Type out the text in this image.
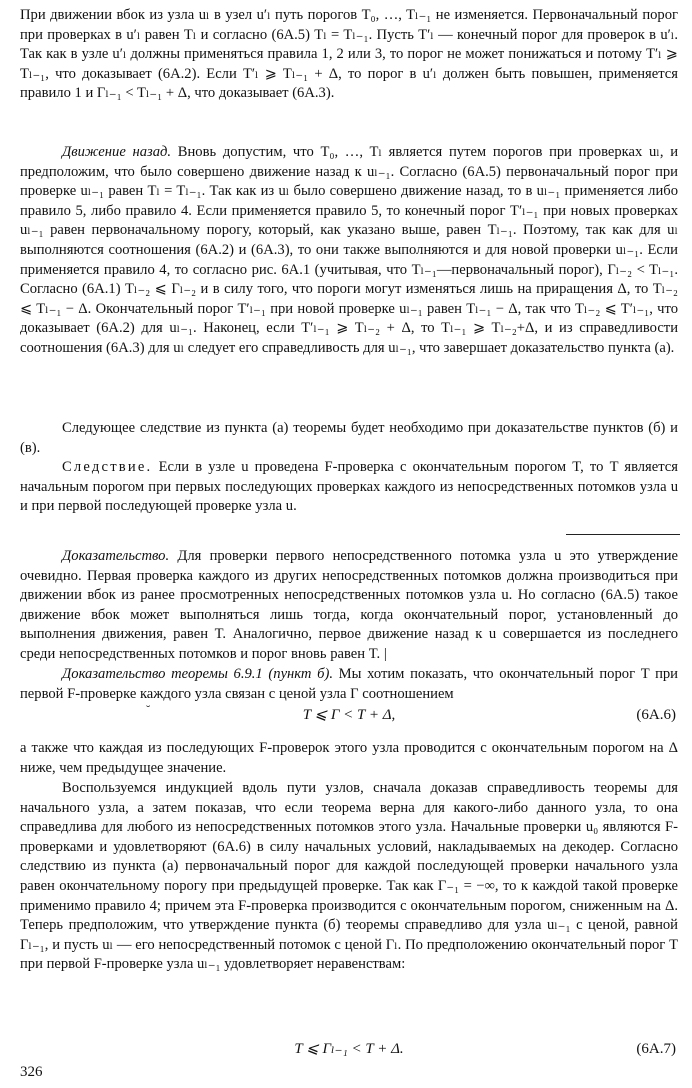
При движении вбок из узла uₗ в узел u′ₗ путь порогов T₀, …, Tₗ₋₁ не изменяется. Первоначальный порог при проверках в u′ₗ равен Tₗ и согласно (6A.5) Tₗ = Tₗ₋₁. Пусть T′ₗ — конечный порог для проверок в u′ₗ. Так как в узле u′ₗ должны применяться правила 1, 2 или 3, то порог не может понижаться и потому T′ₗ ⩾ Tₗ₋₁, что доказывает (6A.2). Если T′ₗ ⩾ Tₗ₋₁ + Δ, то порог в u′ₗ должен быть повышен, применяется правило 1 и Γₗ₋₁ < Tₗ₋₁ + Δ, что доказывает (6A.3).

Движение назад. Вновь допустим, что T₀, …, Tₗ является путем порогов при проверках uₗ, и предположим, что было совершено движение назад к uₗ₋₁. Согласно (6A.5) первоначальный порог при проверке uₗ₋₁ равен Tₗ = Tₗ₋₁. Так как из uₗ было совершено движение назад, то в uₗ₋₁ применяется либо правило 5, либо правило 4. Если применяется правило 5, то конечный порог T′ₗ₋₁ при новых проверках uₗ₋₁ равен первоначальному порогу, который, как указано выше, равен Tₗ₋₁. Поэтому, так как для uₗ выполняются соотношения (6A.2) и (6A.3), то они также выполняются и для новой проверки uₗ₋₁. Если применяется правило 4, то согласно рис. 6A.1 (учитывая, что Tₗ₋₁—первоначальный порог), Γₗ₋₂ < Tₗ₋₁. Согласно (6A.1) Tₗ₋₂ ⩽ Γₗ₋₂ и в силу того, что пороги могут изменяться лишь на приращения Δ, то Tₗ₋₂ ⩽ Tₗ₋₁ − Δ. Окончательный порог T′ₗ₋₁ при новой проверке uₗ₋₁ равен Tₗ₋₁ − Δ, так что Tₗ₋₂ ⩽ T′ₗ₋₁, что доказывает (6A.2) для uₗ₋₁. Наконец, если T′ₗ₋₁ ⩾ Tₗ₋₂ + Δ, то Tₗ₋₁ ⩾ Tₗ₋₂+Δ, и из справедливости соотношения (6A.3) для uₗ следует его справедливость для uₗ₋₁, что завершает доказательство пункта (а).

Следующее следствие из пункта (а) теоремы будет необходимо при доказательстве пунктов (б) и (в).

Следствие. Если в узле u проведена F-проверка с окончательным порогом T, то T является начальным порогом при первых последующих проверках каждого из непосредственных потомков узла u и при первой последующей проверке узла u.

Доказательство. Для проверки первого непосредственного потомка узла u это утверждение очевидно. Первая проверка каждого из других непосредственных потомков должна производиться при движении вбок из ранее просмотренных непосредственных потомков узла u. Но согласно (6A.5) такое движение вбок может выполняться лишь тогда, когда окончательный порог, установленный до выполнения движения, равен T. Аналогично, первое движение назад к u совершается из последнего среди непосредственных потомков и порог вновь равен T. |

Доказательство теоремы 6.9.1 (пункт б). Мы хотим показать, что окончательный порог T при первой F-проверке каждого узла связан с ценой узла Γ соотношением

˘	T ⩽ Γ < T + Δ,	(6A.6)

а также что каждая из последующих F-проверок этого узла проводится с окончательным порогом на Δ ниже, чем предыдущее значение.

Воспользуемся индукцией вдоль пути узлов, сначала доказав справедливость теоремы для начального узла, а затем показав, что если теорема верна для какого-либо данного узла, то она справедлива для любого из непосредственных потомков этого узла. Начальные проверки u₀ являются F-проверками и удовлетворяют (6A.6) в силу начальных условий, накладываемых на декодер. Согласно следствию из пункта (а) первоначальный порог для каждой последующей проверки начального узла равен окончательному порогу при предыдущей проверке. Так как Γ₋₁ = −∞, то к каждой такой проверке применимо правило 4; причем эта F-проверка производится с окончательным порогом, сниженным на Δ. Теперь предположим, что утверждение пункта (б) теоремы справедливо для узла uₗ₋₁ с ценой, равной Γₗ₋₁, и пусть uₗ — его непосредственный потомок с ценой Γₗ. По предположению окончательный порог T при первой F-проверке узла uₗ₋₁ удовлетворяет неравенствам:

T ⩽ Γₗ₋₁ < T + Δ.	(6A.7)
326
